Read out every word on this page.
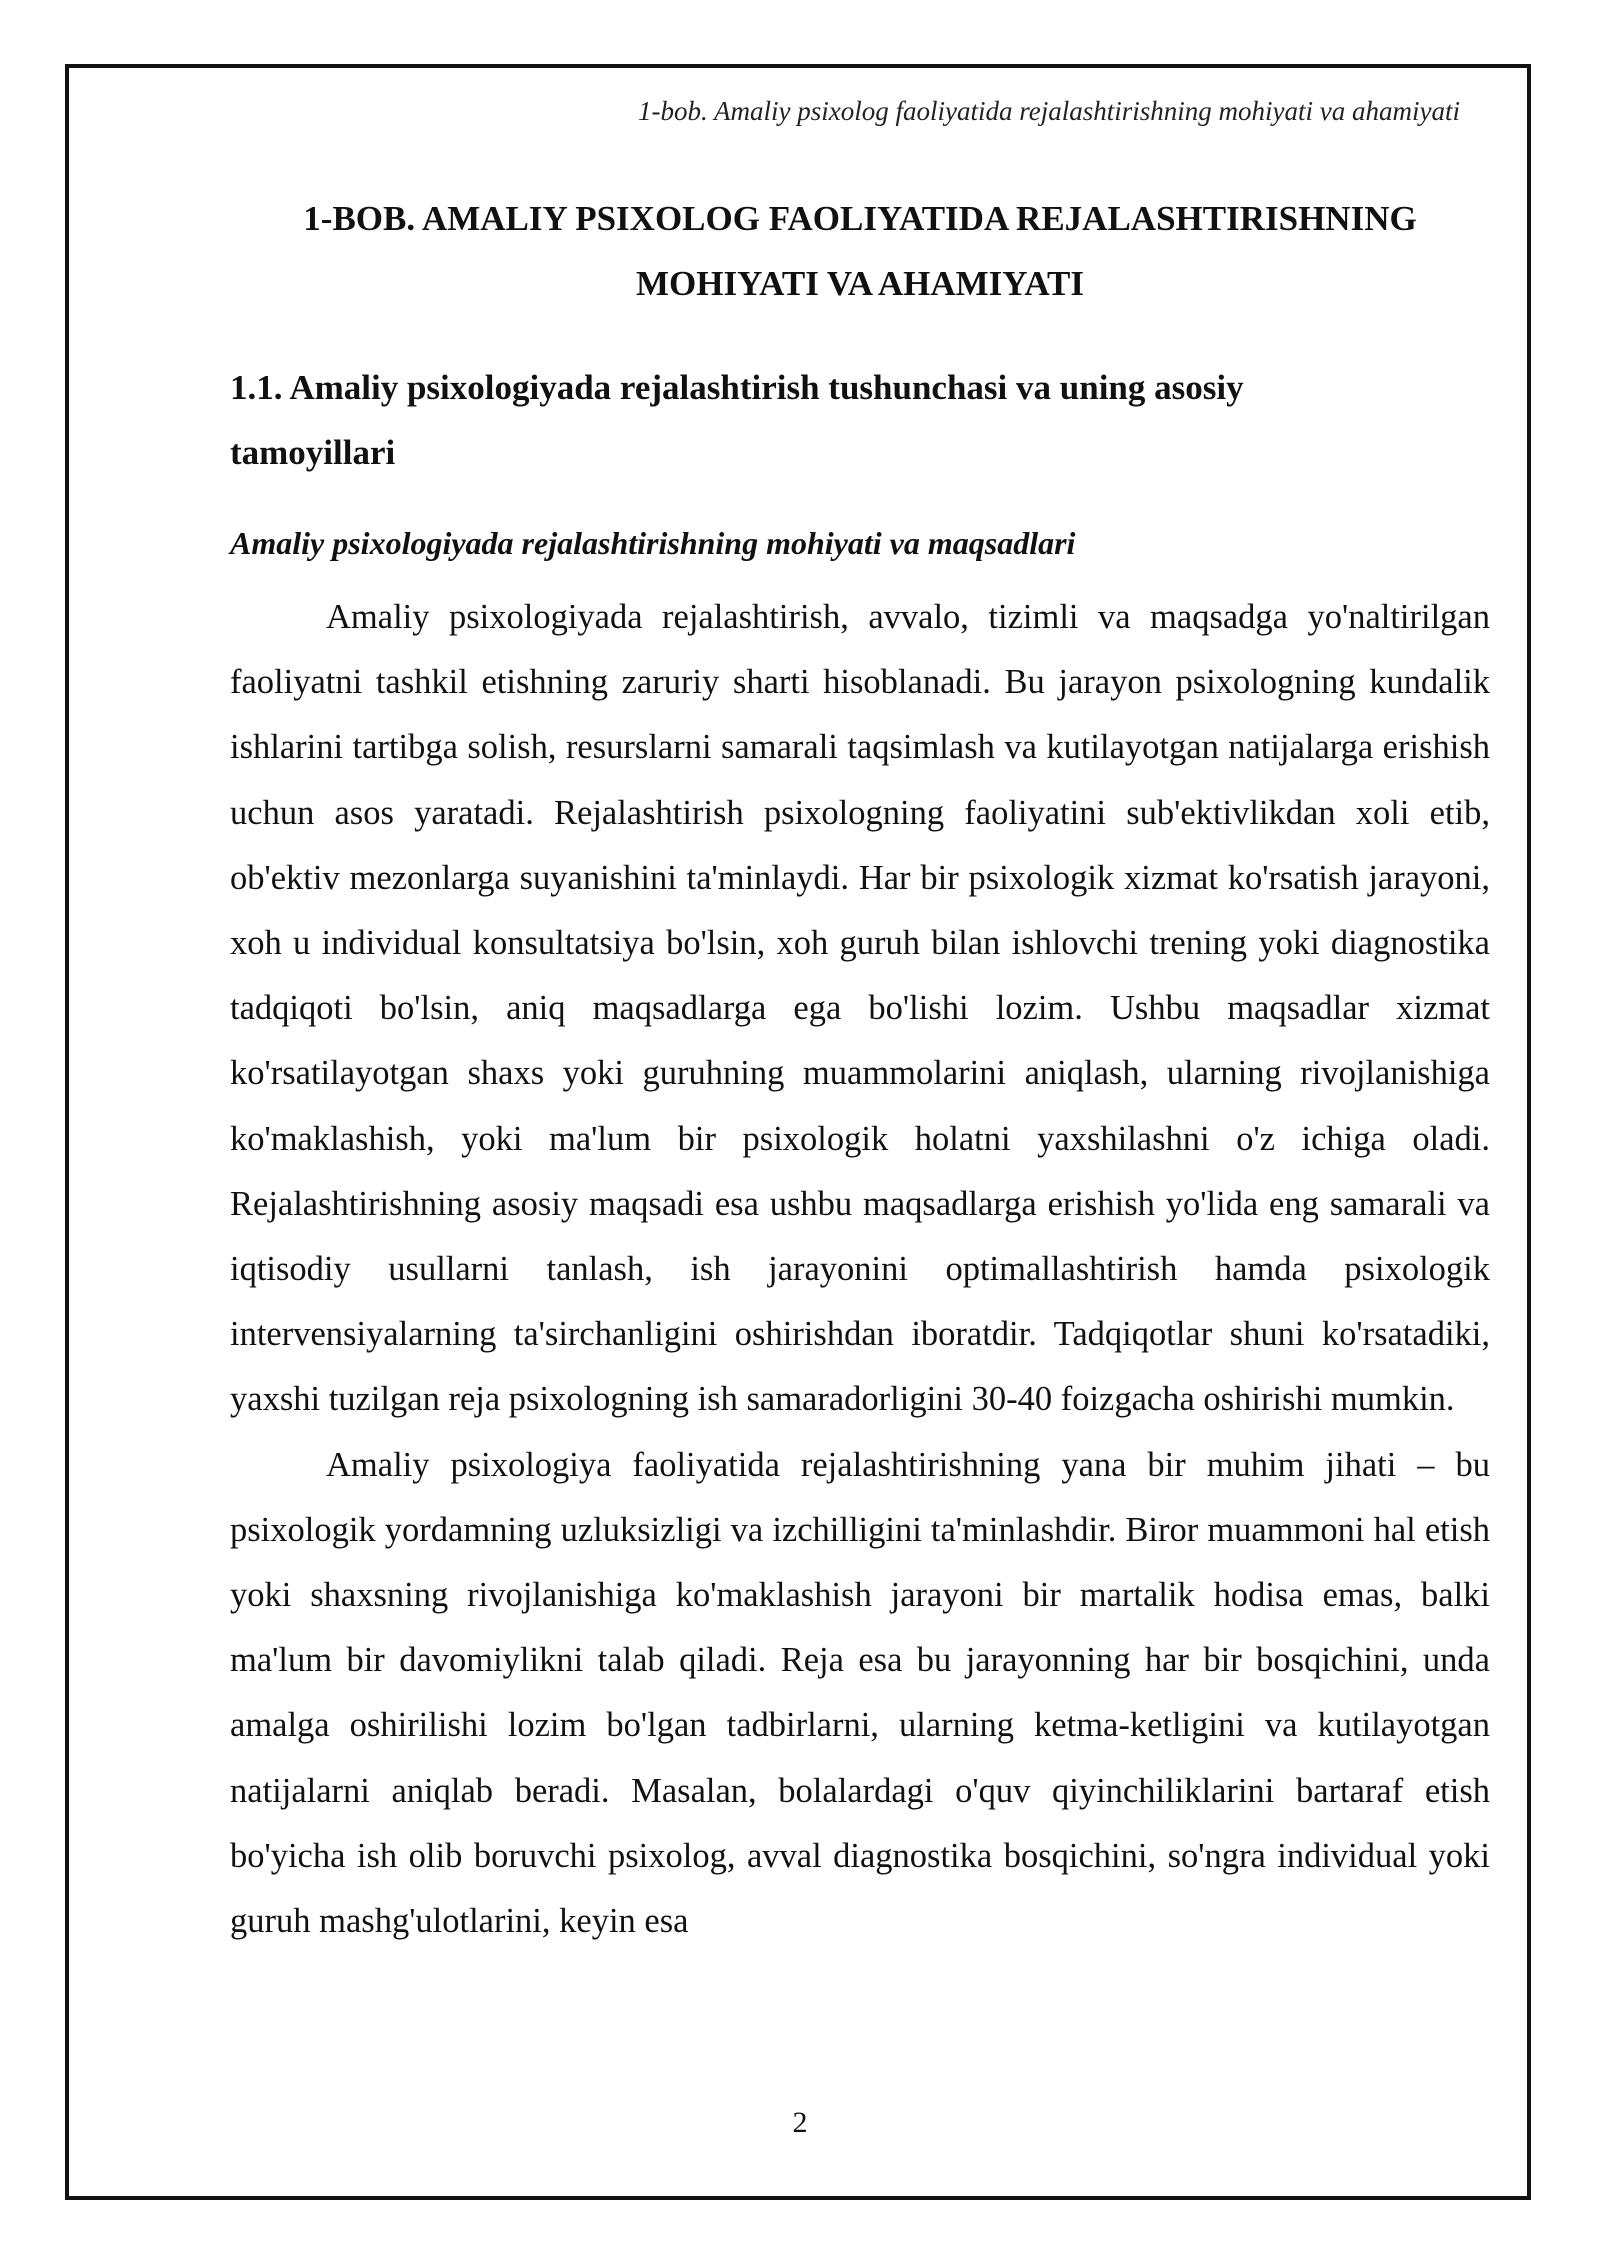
1-bob. Amaliy psixolog faoliyatida rejalashtirishning mohiyati va ahamiyati
1-BOB. AMALIY PSIXOLOG FAOLIYATIDA REJALASHTIRISHNING
MOHIYATI VA AHAMIYATI
1.1. Amaliy psixologiyada rejalashtirish tushunchasi va uning asosiy
tamoyillari
Amaliy psixologiyada rejalashtirishning mohiyati va maqsadlari

Amaliy psixologiyada rejalashtirish, avvalo, tizimli va maqsadga yo'naltirilgan faoliyatni tashkil etishning zaruriy sharti hisoblanadi. Bu jarayon psixologning kundalik ishlarini tartibga solish, resurslarni samarali taqsimlash va kutilayotgan natijalarga erishish uchun asos yaratadi. Rejalashtirish psixologning faoliyatini sub'ektivlikdan xoli etib, ob'ektiv mezonlarga suyanishini ta'minlaydi. Har bir psixologik xizmat ko'rsatish jarayoni, xoh u individual konsultatsiya bo'lsin, xoh guruh bilan ishlovchi trening yoki diagnostika tadqiqoti bo'lsin, aniq maqsadlarga ega bo'lishi lozim. Ushbu maqsadlar xizmat ko'rsatilayotgan shaxs yoki guruhning muammolarini aniqlash, ularning rivojlanishiga ko'maklashish, yoki ma'lum bir psixologik holatni yaxshilashni o'z ichiga oladi. Rejalashtirishning asosiy maqsadi esa ushbu maqsadlarga erishish yo'lida eng samarali va iqtisodiy usullarni tanlash, ish jarayonini optimallashtirish hamda psixologik intervensiyalarning ta'sirchanligini oshirishdan iboratdir. Tadqiqotlar shuni ko'rsatadiki, yaxshi tuzilgan reja psixologning ish samaradorligini 30-40 foizgacha oshirishi mumkin.

Amaliy psixologiya faoliyatida rejalashtirishning yana bir muhim jihati – bu psixologik yordamning uzluksizligi va izchilligini ta'minlashdir. Biror muammoni hal etish yoki shaxsning rivojlanishiga ko'maklashish jarayoni bir martalik hodisa emas, balki ma'lum bir davomiylikni talab qiladi. Reja esa bu jarayonning har bir bosqichini, unda amalga oshirilishi lozim bo'lgan tadbirlarni, ularning ketma-ketligini va kutilayotgan natijalarni aniqlab beradi. Masalan, bolalardagi o'quv qiyinchiliklarini bartaraf etish bo'yicha ish olib boruvchi psixolog, avval diagnostika bosqichini, so'ngra individual yoki guruh mashg'ulotlarini, keyin esa

2
